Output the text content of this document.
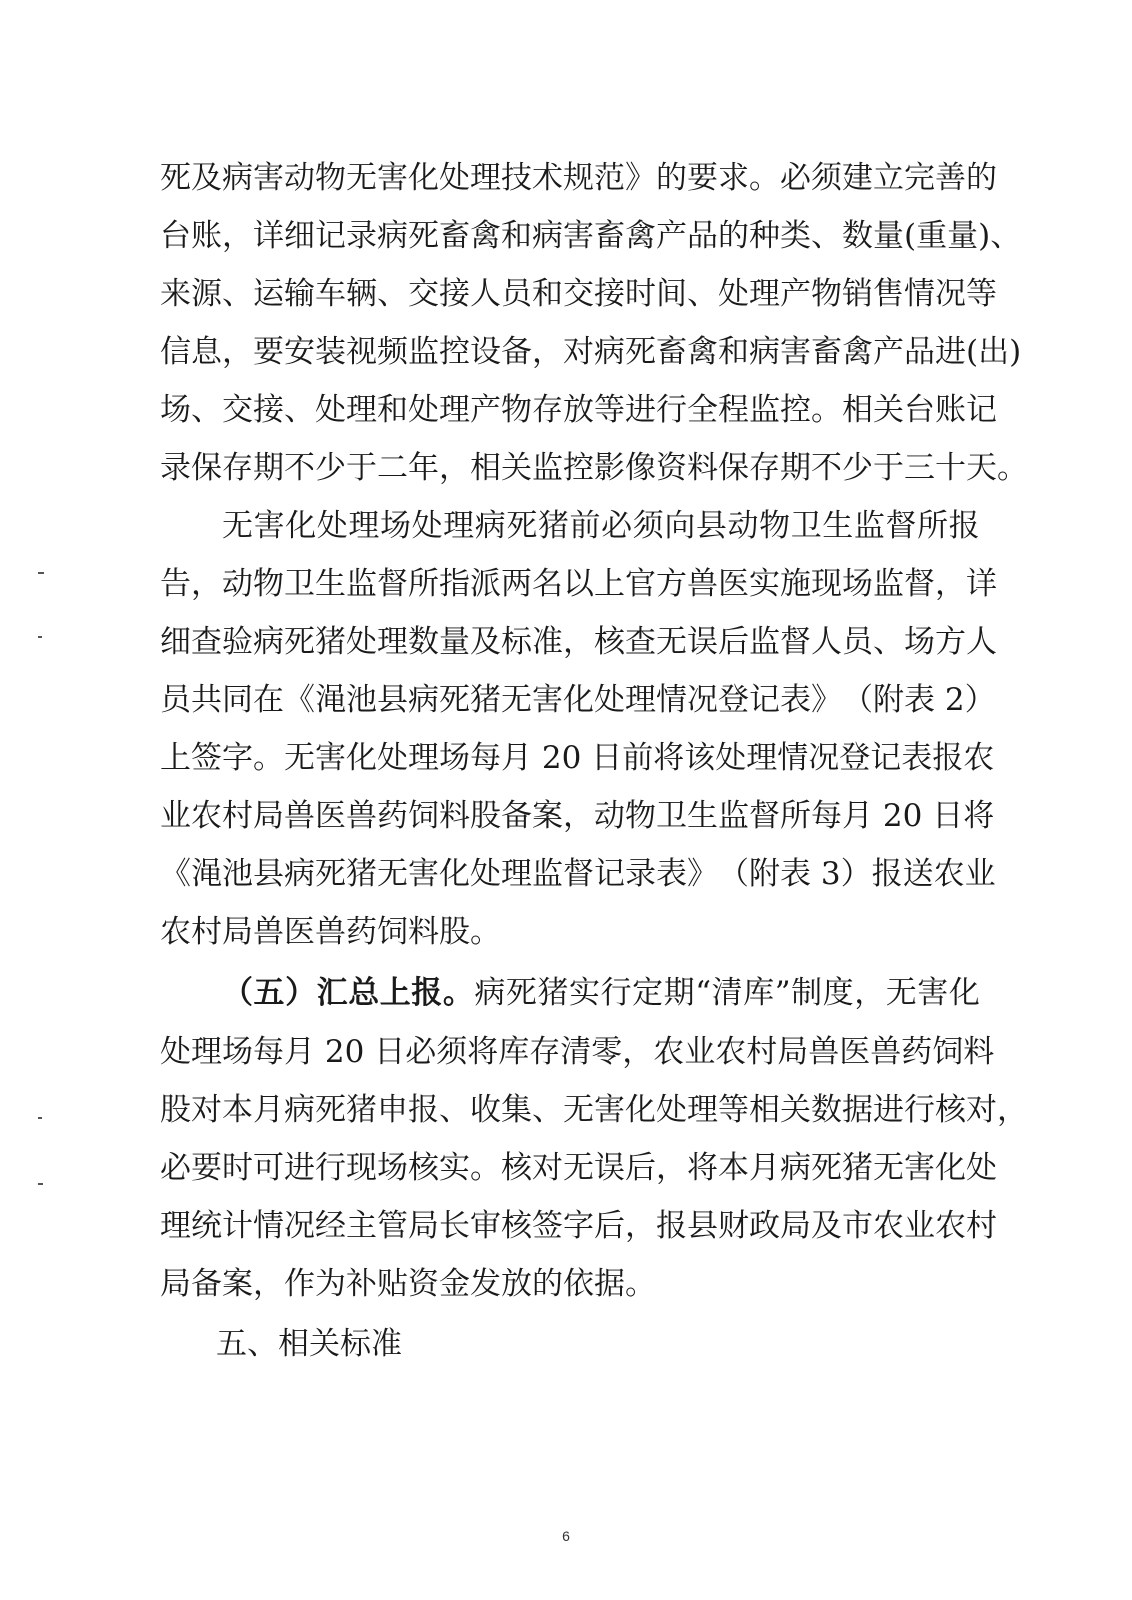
死 及 病 害 动 物 无 害 化 处 理 技 术 规 范 》 的 要 求 。 必 须 建 立 完 善 的
台 账 ， 详 细 记 录 病 死 畜 禽 和 病 害 畜 禽 产 品 的 种 类 、 数 量 ( 重 量 ) 、
来 源 、 运 输 车 辆 、 交 接 人 员 和 交 接 时 间 、 处 理 产 物 销 售 情 况 等
信 息 ， 要 安 装 视 频 监 控 设 备 ， 对 病 死 畜 禽 和 病 害 畜 禽 产 品 进 ( 出 )
场 、 交 接 、 处 理 和 处 理 产 物 存 放 等 进 行 全 程 监 控 。 相 关 台 账 记
录 保 存 期 不 少 于 二 年 ， 相 关 监 控 影 像 资 料 保 存 期 不 少 于 三 十 天 。
无 害 化 处 理 场 处 理 病 死 猪 前 必 须 向 县 动 物 卫 生 监 督 所 报
告 ， 动 物 卫 生 监 督 所 指 派 两 名 以 上 官 方 兽 医 实 施 现 场 监 督 ， 详
细 查 验 病 死 猪 处 理 数 量 及 标 准 ， 核 查 无 误 后 监 督 人 员 、 场 方 人
员 共 同 在 《 渑 池 县 病 死 猪 无 害 化 处 理 情 况 登 记 表 》 （ 附 表
2 ）
上 签 字 。 无 害 化 处 理 场 每 月
2 0
日 前 将 该 处 理 情 况 登 记 表 报 农
业 农 村 局 兽 医 兽 药 饲 料 股 备 案 ， 动 物 卫 生 监 督 所 每 月
2 0
日 将
《 渑 池 县 病 死 猪 无 害 化 处 理 监 督 记 录 表 》 （ 附 表
3 ） 报 送 农 业
农村局兽医兽药饲料股。
（ 五 ） 汇 总 上 报 。 病 死 猪 实 行 定 期 “ 清 库 ” 制 度 ， 无 害 化
处 理 场 每 月
2 0
日 必 须 将 库 存 清 零 ， 农 业 农 村 局 兽 医 兽 药 饲 料
股 对 本 月 病 死 猪 申 报 、 收 集 、 无 害 化 处 理 等 相 关 数 据 进 行 核 对 ，
必 要 时 可 进 行 现 场 核 实 。 核 对 无 误 后 ， 将 本 月 病 死 猪 无 害 化 处
理 统 计 情 况 经 主 管 局 长 审 核 签 字 后 ， 报 县 财 政 局 及 市 农 业 农 村
局备案，作为补贴资金发放的依据。
五、相关标准
6
